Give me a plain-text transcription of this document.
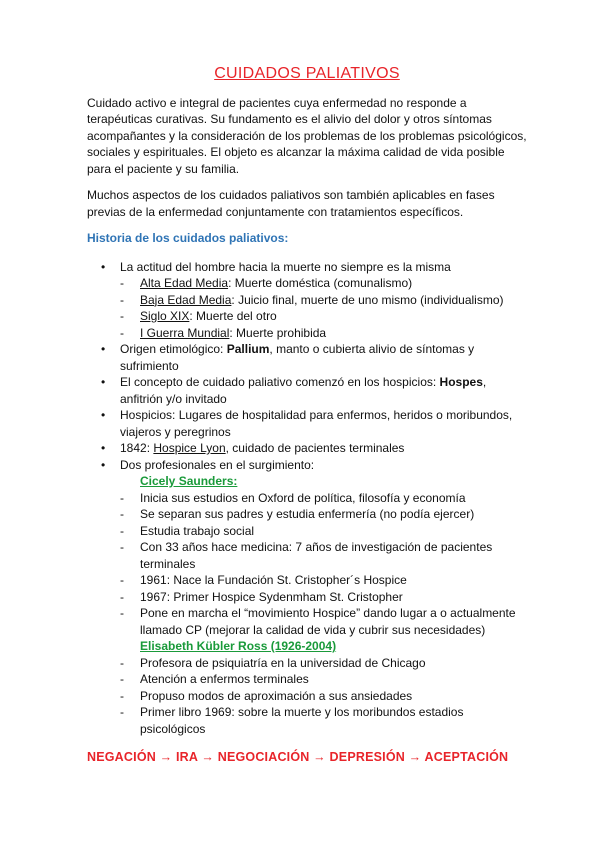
CUIDADOS PALIATIVOS

Cuidado activo e integral de pacientes cuya enfermedad no responde a terapéuticas curativas. Su fundamento es el alivio del dolor y otros síntomas acompañantes y la consideración de los problemas de los problemas psicológicos, sociales y espirituales. El objeto es alcanzar la máxima calidad de vida posible para el paciente y su familia.

Muchos aspectos de los cuidados paliativos son también aplicables en fases previas de la enfermedad conjuntamente con tratamientos específicos.

Historia de los cuidados paliativos:
• La actitud del hombre hacia la muerte no siempre es la misma
- Alta Edad Media: Muerte doméstica (comunalismo)
- Baja Edad Media: Juicio final, muerte de uno mismo (individualismo)
- Siglo XIX: Muerte del otro
- I Guerra Mundial: Muerte prohibida
• Origen etimológico: Pallium, manto o cubierta alivio de síntomas y sufrimiento
• El concepto de cuidado paliativo comenzó en los hospicios: Hospes, anfitrión y/o invitado
• Hospicios: Lugares de hospitalidad para enfermos, heridos o moribundos, viajeros y peregrinos
• 1842: Hospice Lyon, cuidado de pacientes terminales
• Dos profesionales en el surgimiento:
Cicely Saunders:
- Inicia sus estudios en Oxford de política, filosofía y economía
- Se separan sus padres y estudia enfermería (no podía ejercer)
- Estudia trabajo social
- Con 33 años hace medicina: 7 años de investigación de pacientes terminales
- 1961: Nace la Fundación St. Cristopher´s Hospice
- 1967: Primer Hospice Sydenmham St. Cristopher
- Pone en marcha el “movimiento Hospice” dando lugar a o actualmente llamado CP (mejorar la calidad de vida y cubrir sus necesidades)
Elisabeth Kübler Ross (1926-2004)
- Profesora de psiquiatría en la universidad de Chicago
- Atención a enfermos terminales
- Propuso modos de aproximación a sus ansiedades
- Primer libro 1969: sobre la muerte y los moribundos estadios psicológicos
NEGACIÓN → IRA → NEGOCIACIÓN → DEPRESIÓN → ACEPTACIÓN
